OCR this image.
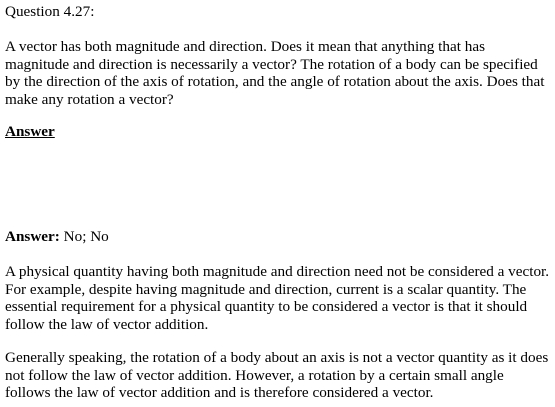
Question 4.27:

A vector has both magnitude and direction. Does it mean that anything that has magnitude and direction is necessarily a vector? The rotation of a body can be specified by the direction of the axis of rotation, and the angle of rotation about the axis. Does that make any rotation a vector?

Answer
Answer: No; No

A physical quantity having both magnitude and direction need not be considered a vector. For example, despite having magnitude and direction, current is a scalar quantity. The essential requirement for a physical quantity to be considered a vector is that it should follow the law of vector addition.

Generally speaking, the rotation of a body about an axis is not a vector quantity as it does not follow the law of vector addition. However, a rotation by a certain small angle follows the law of vector addition and is therefore considered a vector.
